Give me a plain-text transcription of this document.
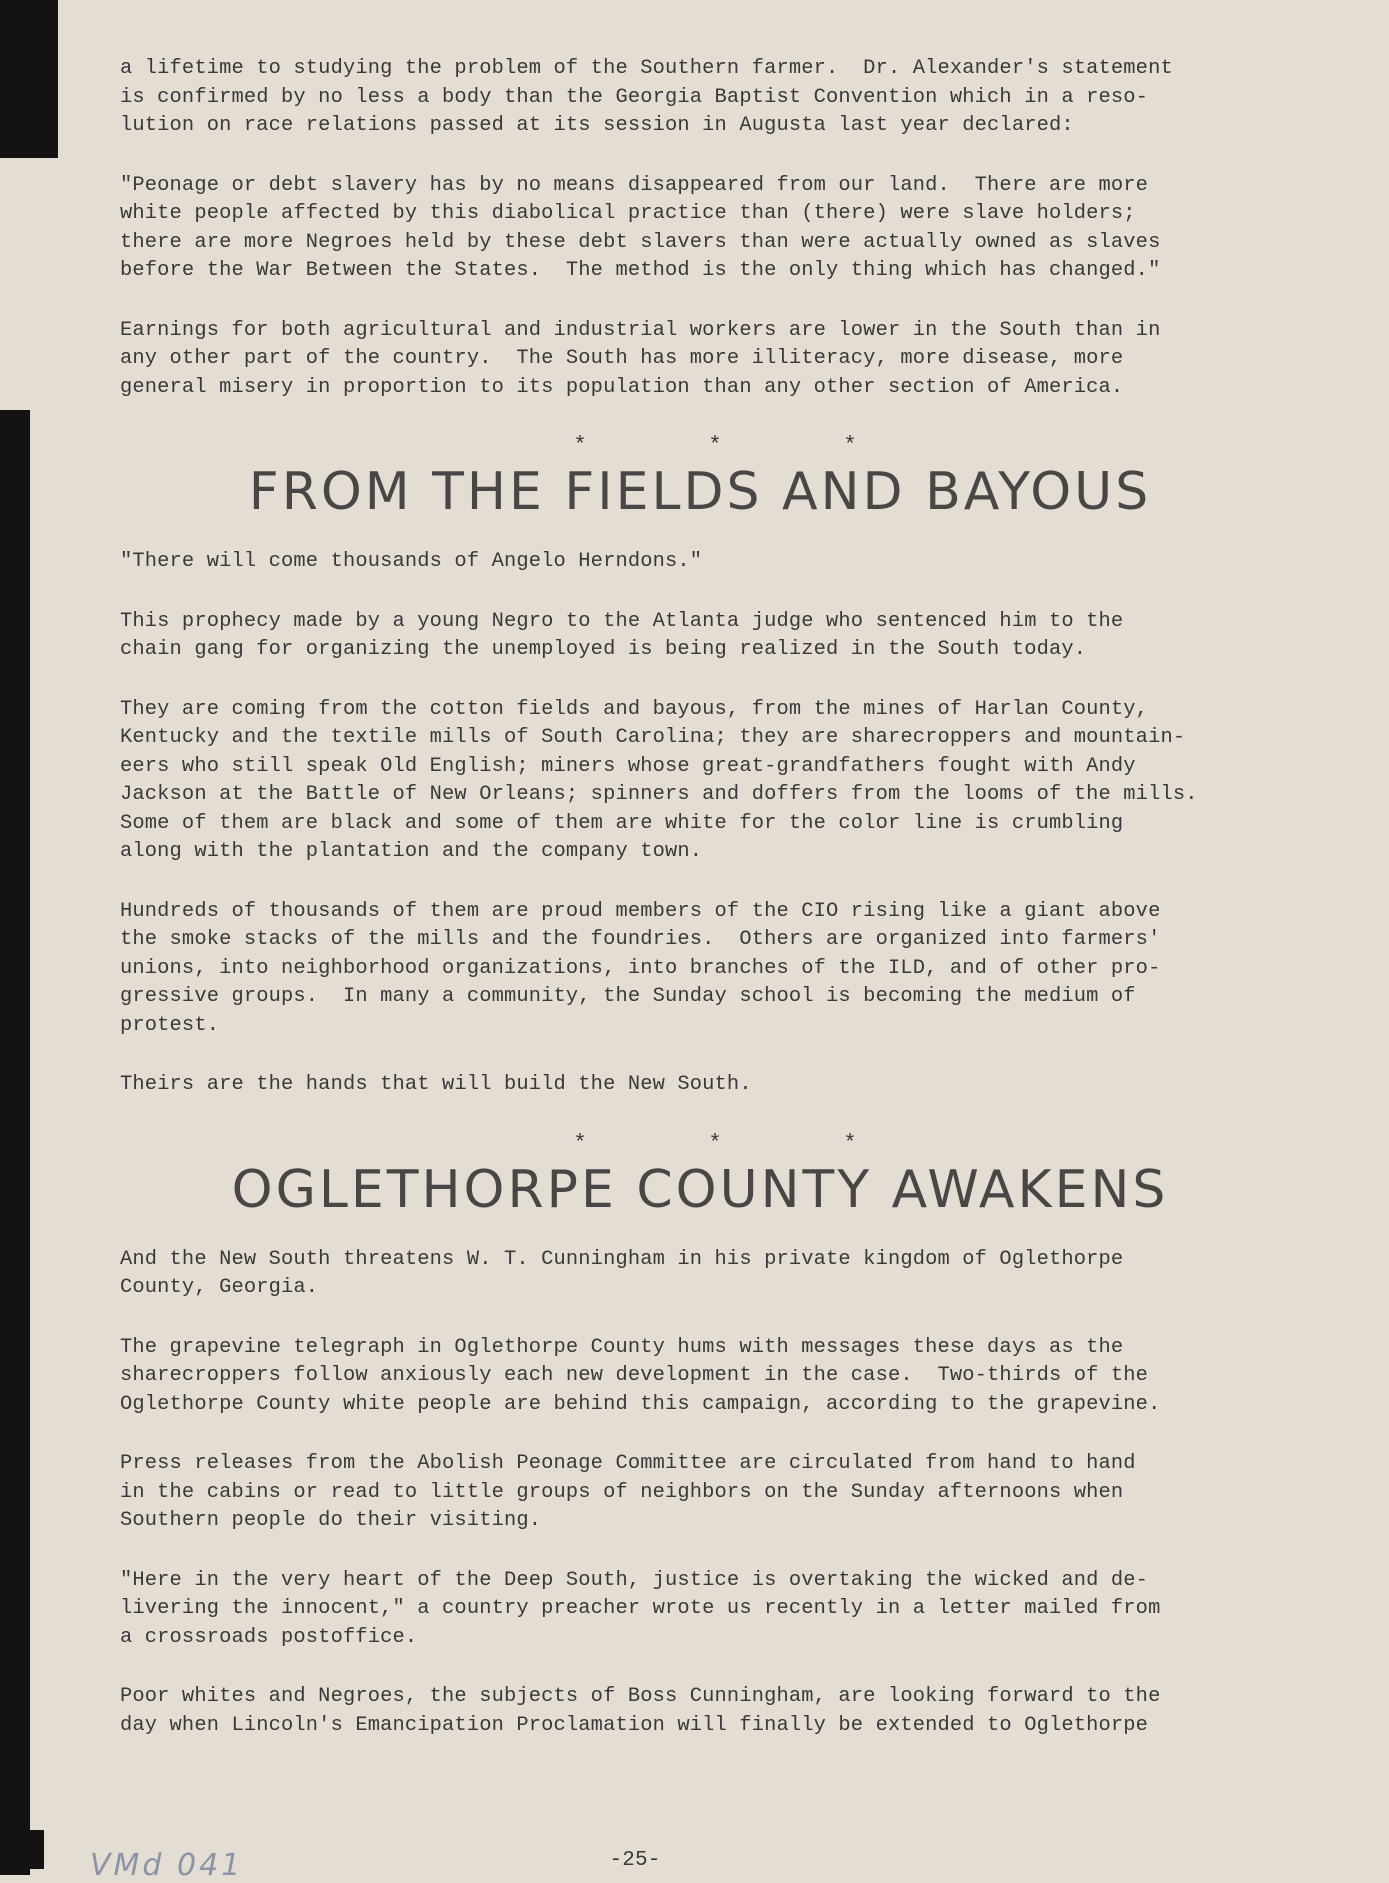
a lifetime to studying the problem of the Southern farmer.  Dr. Alexander's statement
is confirmed by no less a body than the Georgia Baptist Convention which in a reso-
lution on race relations passed at its session in Augusta last year declared:

"Peonage or debt slavery has by no means disappeared from our land.  There are more
white people affected by this diabolical practice than (there) were slave holders;
there are more Negroes held by these debt slavers than were actually owned as slaves
before the War Between the States.  The method is the only thing which has changed."

Earnings for both agricultural and industrial workers are lower in the South than in
any other part of the country.  The South has more illiteracy, more disease, more
general misery in proportion to its population than any other section of America.

*	*	*
FROM THE FIELDS AND BAYOUS

"There will come thousands of Angelo Herndons."

This prophecy made by a young Negro to the Atlanta judge who sentenced him to the
chain gang for organizing the unemployed is being realized in the South today.

They are coming from the cotton fields and bayous, from the mines of Harlan County,
Kentucky and the textile mills of South Carolina; they are sharecroppers and mountain-
eers who still speak Old English; miners whose great-grandfathers fought with Andy
Jackson at the Battle of New Orleans; spinners and doffers from the looms of the mills.
Some of them are black and some of them are white for the color line is crumbling
along with the plantation and the company town.

Hundreds of thousands of them are proud members of the CIO rising like a giant above
the smoke stacks of the mills and the foundries.  Others are organized into farmers'
unions, into neighborhood organizations, into branches of the ILD, and of other pro-
gressive groups.  In many a community, the Sunday school is becoming the medium of
protest.

Theirs are the hands that will build the New South.

*	*	*
OGLETHORPE COUNTY AWAKENS

And the New South threatens W. T. Cunningham in his private kingdom of Oglethorpe
County, Georgia.

The grapevine telegraph in Oglethorpe County hums with messages these days as the
sharecroppers follow anxiously each new development in the case.  Two-thirds of the
Oglethorpe County white people are behind this campaign, according to the grapevine.

Press releases from the Abolish Peonage Committee are circulated from hand to hand
in the cabins or read to little groups of neighbors on the Sunday afternoons when
Southern people do their visiting.

"Here in the very heart of the Deep South, justice is overtaking the wicked and de-
livering the innocent," a country preacher wrote us recently in a letter mailed from
a crossroads postoffice.

Poor whites and Negroes, the subjects of Boss Cunningham, are looking forward to the
day when Lincoln's Emancipation Proclamation will finally be extended to Oglethorpe

-25-

VMd 041
